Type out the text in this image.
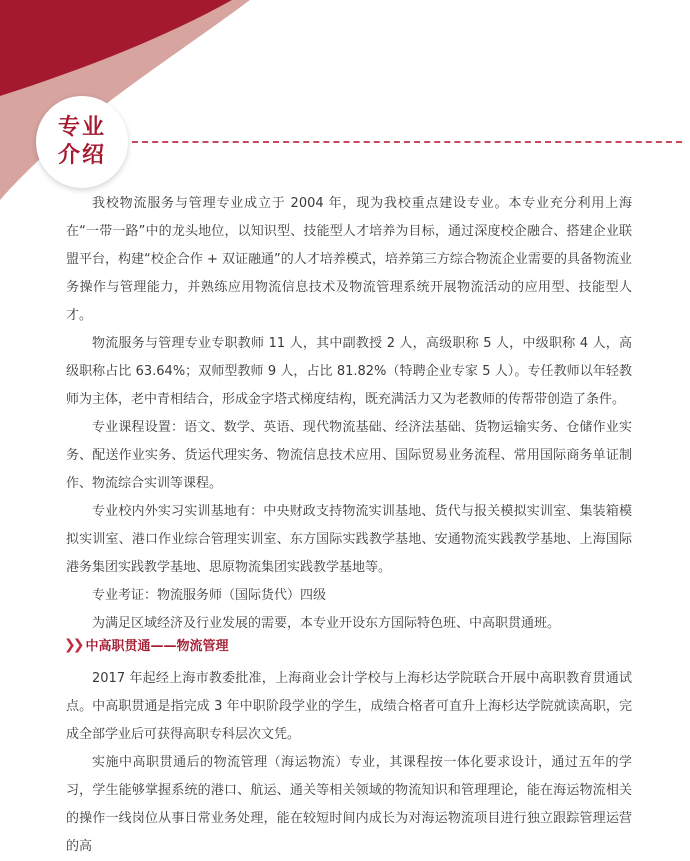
专业
介绍

我校物流服务与管理专业成立于 2004 年，现为我校重点建设专业。本专业充分利用上海在“一带一路”中的龙头地位，以知识型、技能型人才培养为目标，通过深度校企融合、搭建企业联盟平台，构建“校企合作 + 双证融通”的人才培养模式，培养第三方综合物流企业需要的具备物流业务操作与管理能力，并熟练应用物流信息技术及物流管理系统开展物流活动的应用型、技能型人才。

物流服务与管理专业专职教师 11 人，其中副教授 2 人，高级职称 5 人，中级职称 4 人，高级职称占比 63.64%；双师型教师 9 人，占比 81.82%（特聘企业专家 5 人）。专任教师以年轻教师为主体，老中青相结合，形成金字塔式梯度结构，既充满活力又为老教师的传帮带创造了条件。

专业课程设置：语文、数学、英语、现代物流基础、经济法基础、货物运输实务、仓储作业实务、配送作业实务、货运代理实务、物流信息技术应用、国际贸易业务流程、常用国际商务单证制作、物流综合实训等课程。

专业校内外实习实训基地有：中央财政支持物流实训基地、货代与报关模拟实训室、集装箱模拟实训室、港口作业综合管理实训室、东方国际实践教学基地、安通物流实践教学基地、上海国际港务集团实践教学基地、思原物流集团实践教学基地等。

专业考证：物流服务师（国际货代）四级

为满足区域经济及行业发展的需要，本专业开设东方国际特色班、中高职贯通班。

❯❯ 中高职贯通——物流管理

2017 年起经上海市教委批准，上海商业会计学校与上海杉达学院联合开展中高职教育贯通试点。中高职贯通是指完成 3 年中职阶段学业的学生，成绩合格者可直升上海杉达学院就读高职，完成全部学业后可获得高职专科层次文凭。

实施中高职贯通后的物流管理（海运物流）专业，其课程按一体化要求设计，通过五年的学习，学生能够掌握系统的港口、航运、通关等相关领域的物流知识和管理理论，能在海运物流相关的操作一线岗位从事日常业务处理，能在较短时间内成长为对海运物流项目进行独立跟踪管理运营的高
